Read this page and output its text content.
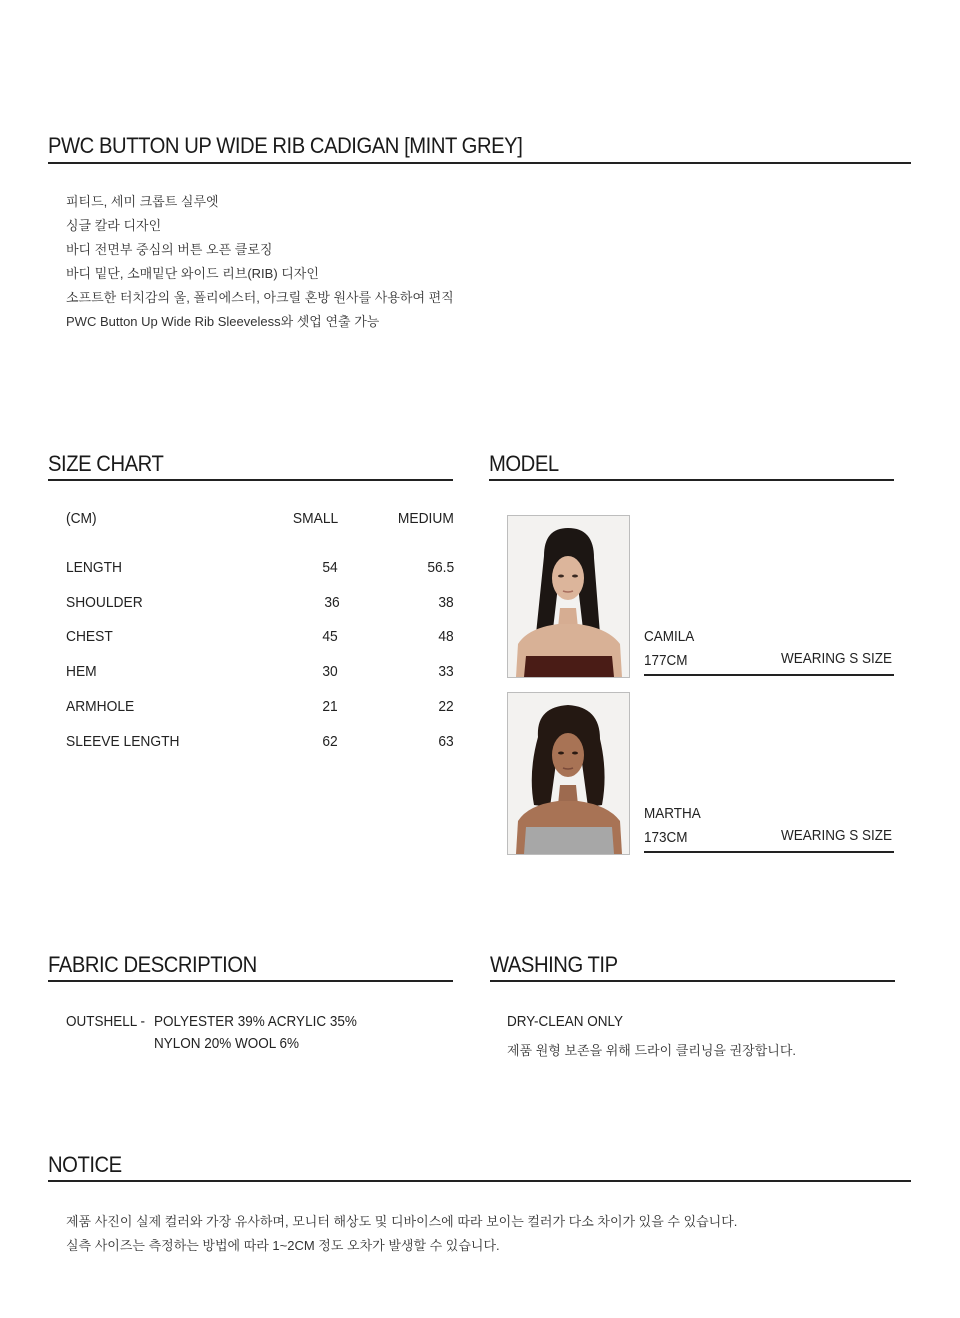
PWC BUTTON UP WIDE RIB CADIGAN [MINT GREY]
피티드, 세미 크롭트 실루엣
싱글 칼라 디자인
바디 전면부 중심의 버튼 오픈 클로징
바디 밑단, 소매밑단 와이드 리브(RIB) 디자인
소프트한 터치감의 울, 폴리에스터, 아크릴 혼방 원사를 사용하여 편직
PWC Button Up Wide Rib Sleeveless와 셋업 연출 가능
SIZE CHART
(CM)	SMALL	MEDIUM
LENGTH	54	56.5
SHOULDER	36	38
CHEST	45	48
HEM	30	33
ARMHOLE	21	22
SLEEVE LENGTH	62	63
MODEL
CAMILA
177CM	WEARING S SIZE
MARTHA
173CM	WEARING S SIZE
FABRIC DESCRIPTION
OUTSHELL - POLYESTER 39% ACRYLIC 35%
NYLON 20% WOOL 6%
WASHING TIP
DRY-CLEAN ONLY
제품 원형 보존을 위해 드라이 클리닝을 권장합니다.
NOTICE
제품 사진이 실제 컬러와 가장 유사하며, 모니터 해상도 및 디바이스에 따라 보이는 컬러가 다소 차이가 있을 수 있습니다.
실측 사이즈는 측정하는 방법에 따라 1~2CM 정도 오차가 발생할 수 있습니다.
